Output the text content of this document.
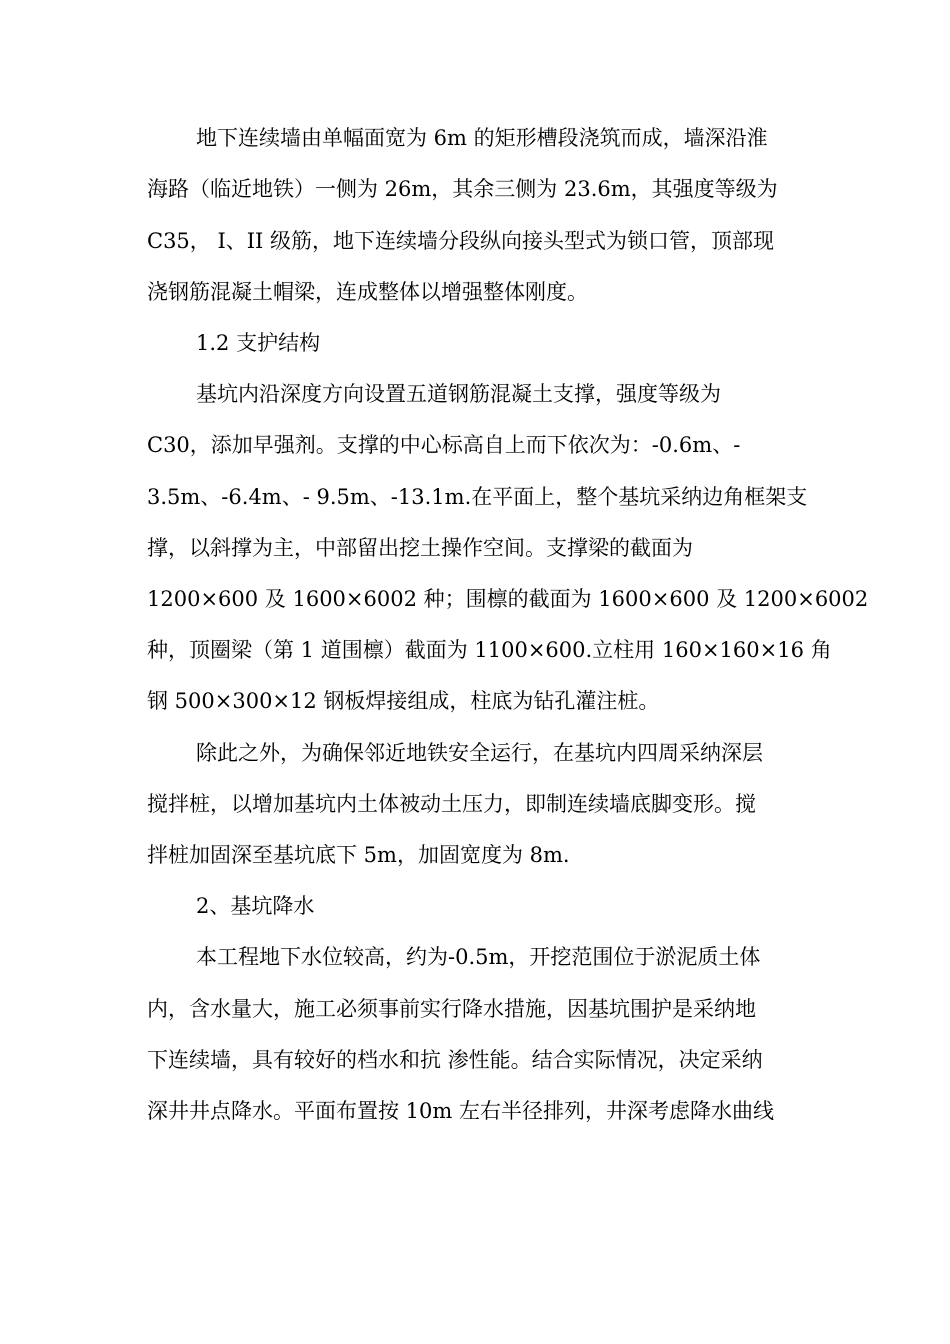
地下连续墙由单幅面宽为 6m 的矩形槽段浇筑而成，墙深沿淮
海路（临近地铁）一侧为 26m，其余三侧为 23.6m，其强度等级为
C35， I、II 级筋，地下连续墙分段纵向接头型式为锁口管，顶部现
浇钢筋混凝土帽梁，连成整体以增强整体刚度。
1.2 支护结构
基坑内沿深度方向设置五道钢筋混凝土支撑，强度等级为
C30，添加早强剂。支撑的中心标高自上而下依次为：-0.6m、-
3.5m、-6.4m、- 9.5m、-13.1m.在平面上，整个基坑采纳边角框架支
撑，以斜撑为主，中部留出挖土操作空间。支撑梁的截面为
1200×600 及 1600×6002 种；围檩的截面为 1600×600 及 1200×6002
种，顶圈梁（第 1 道围檩）截面为 1100×600.立柱用 160×160×16 角
钢 500×300×12 钢板焊接组成，柱底为钻孔灌注桩。
除此之外，为确保邻近地铁安全运行，在基坑内四周采纳深层
搅拌桩，以增加基坑内土体被动土压力，即制连续墙底脚变形。搅
拌桩加固深至基坑底下 5m，加固宽度为 8m.
2、基坑降水
本工程地下水位较高，约为-0.5m，开挖范围位于淤泥质土体
内，含水量大，施工必须事前实行降水措施，因基坑围护是采纳地
下连续墙，具有较好的档水和抗 渗性能。结合实际情况，决定采纳
深井井点降水。平面布置按 10m 左右半径排列，井深考虑降水曲线
